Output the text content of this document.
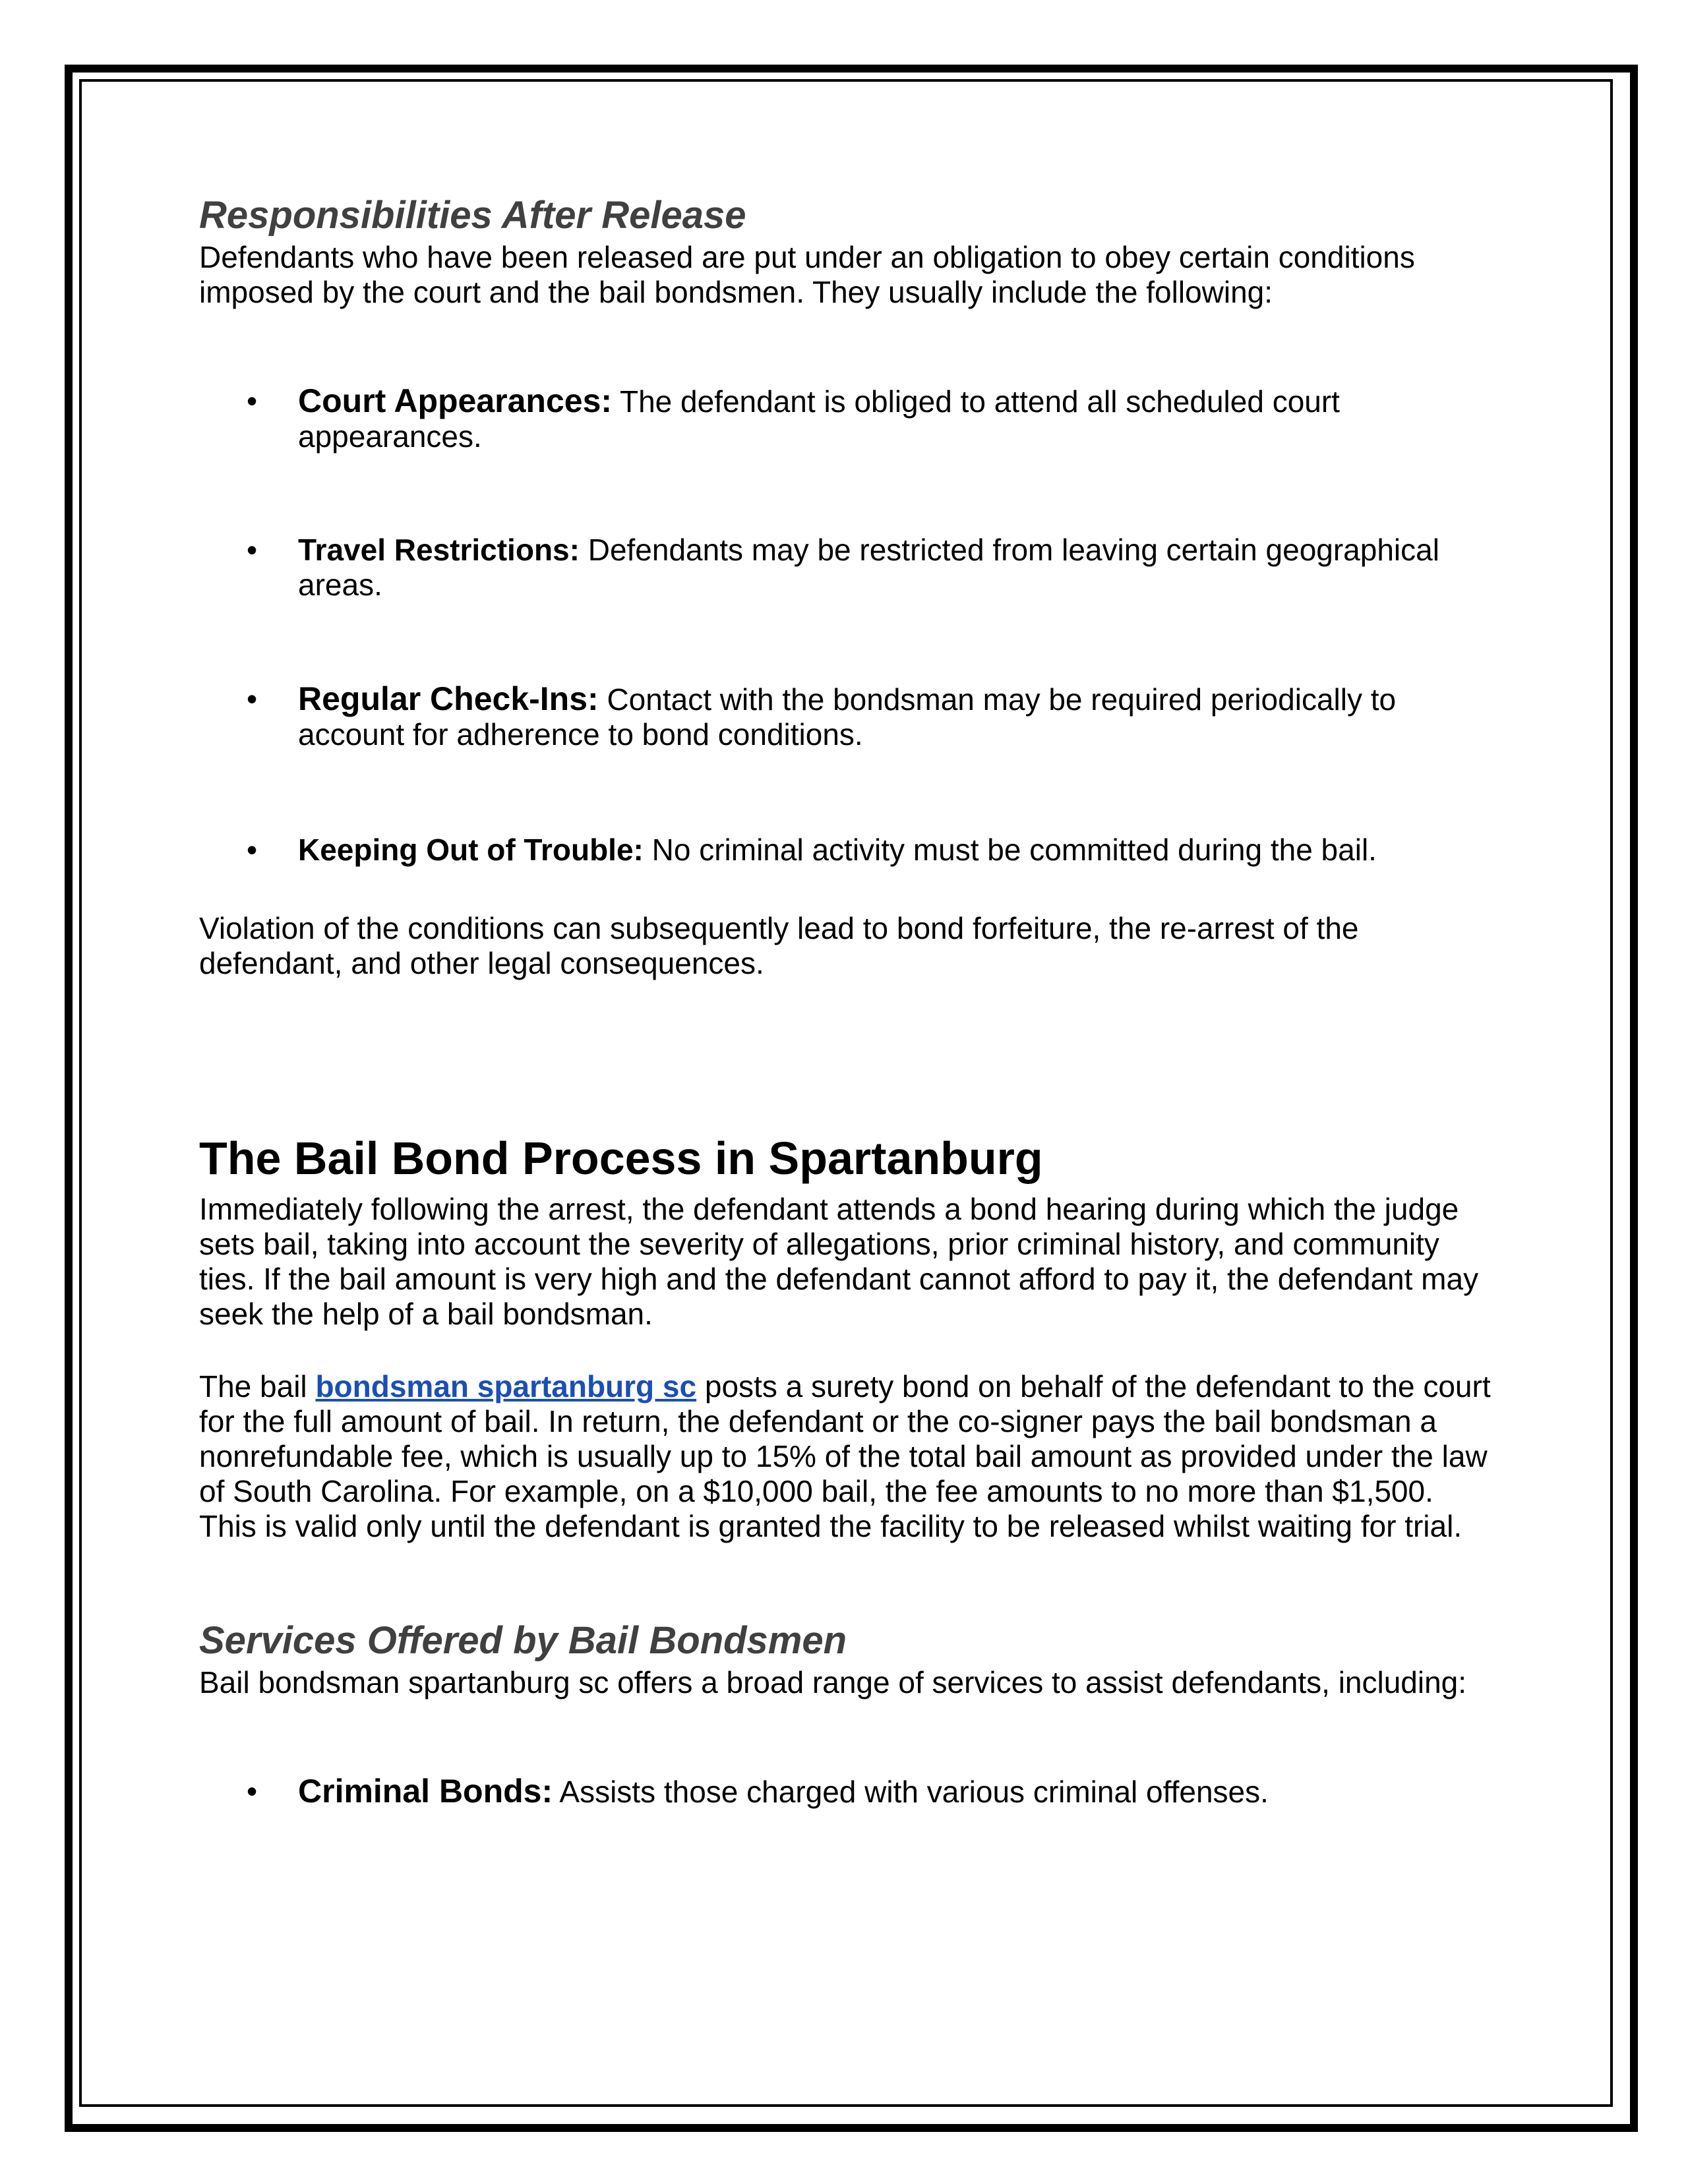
Responsibilities After Release

Defendants who have been released are put under an obligation to obey certain conditions imposed by the court and the bail bondsmen. They usually include the following:

• Court Appearances: The defendant is obliged to attend all scheduled court appearances.
• Travel Restrictions: Defendants may be restricted from leaving certain geographical areas.
• Regular Check-Ins: Contact with the bondsman may be required periodically to account for adherence to bond conditions.
• Keeping Out of Trouble: No criminal activity must be committed during the bail.

Violation of the conditions can subsequently lead to bond forfeiture, the re-arrest of the defendant, and other legal consequences.

The Bail Bond Process in Spartanburg

Immediately following the arrest, the defendant attends a bond hearing during which the judge sets bail, taking into account the severity of allegations, prior criminal history, and community ties. If the bail amount is very high and the defendant cannot afford to pay it, the defendant may seek the help of a bail bondsman.

The bail bondsman spartanburg sc posts a surety bond on behalf of the defendant to the court for the full amount of bail. In return, the defendant or the co-signer pays the bail bondsman a nonrefundable fee, which is usually up to 15% of the total bail amount as provided under the law of South Carolina. For example, on a $10,000 bail, the fee amounts to no more than $1,500. This is valid only until the defendant is granted the facility to be released whilst waiting for trial.

Services Offered by Bail Bondsmen

Bail bondsman spartanburg sc offers a broad range of services to assist defendants, including:

• Criminal Bonds: Assists those charged with various criminal offenses.
